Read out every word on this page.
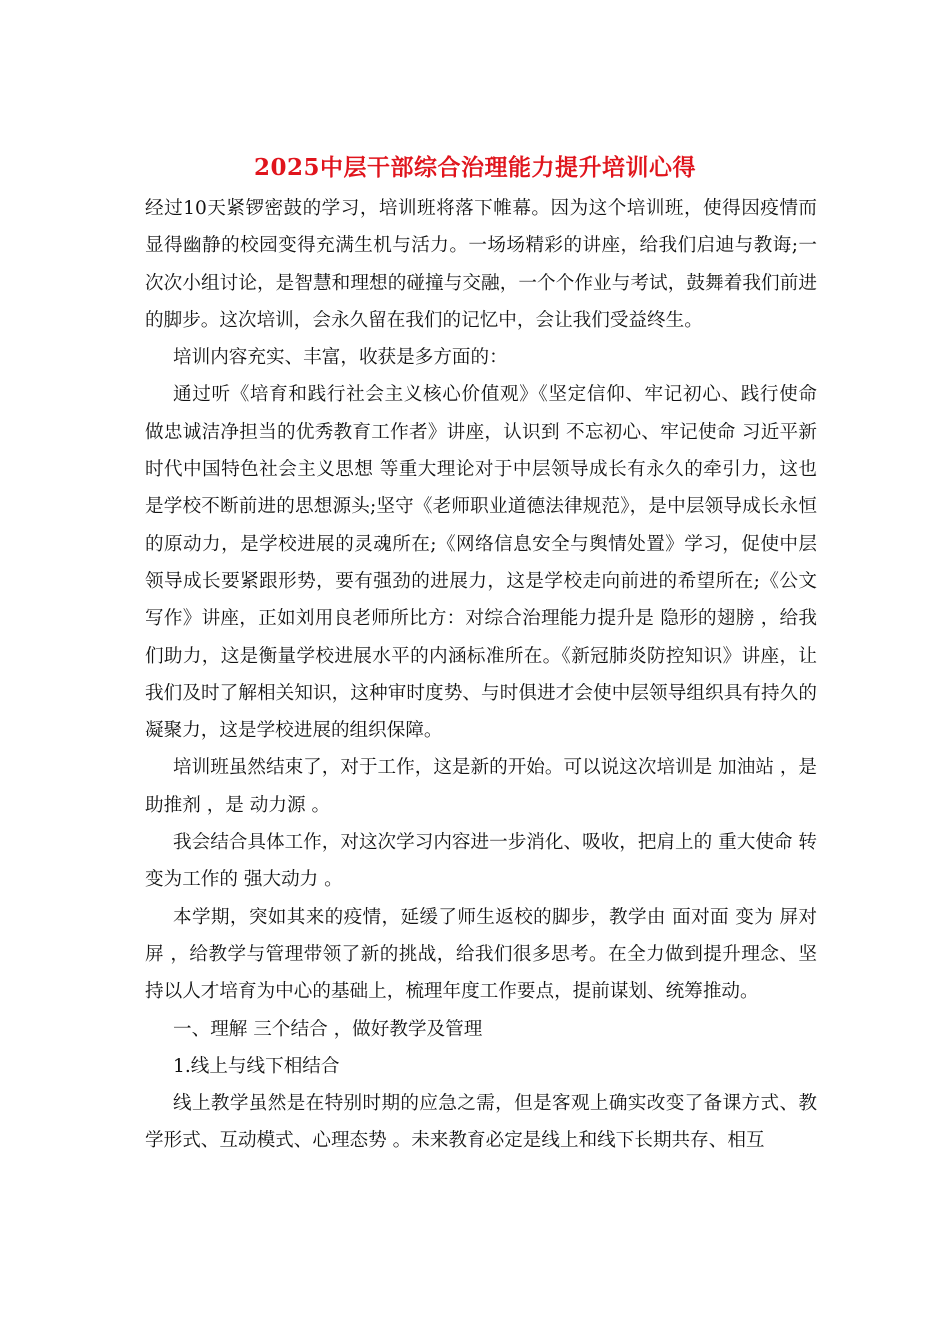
2025中层干部综合治理能力提升培训心得

经过10天紧锣密鼓的学习，培训班将落下帷幕。因为这个培训班，使得因疫情而显得幽静的校园变得充满生机与活力。一场场精彩的讲座，给我们启迪与教诲;一次次小组讨论，是智慧和理想的碰撞与交融，一个个作业与考试，鼓舞着我们前进的脚步。这次培训，会永久留在我们的记忆中，会让我们受益终生。

培训内容充实、丰富，收获是多方面的：

通过听《培育和践行社会主义核心价值观》《坚定信仰、牢记初心、践行使命 做忠诚洁净担当的优秀教育工作者》讲座，认识到 不忘初心、牢记使命 习近平新时代中国特色社会主义思想 等重大理论对于中层领导成长有永久的牵引力，这也是学校不断前进的思想源头;坚守《老师职业道德法律规范》，是中层领导成长永恒的原动力，是学校进展的灵魂所在;《网络信息安全与舆情处置》学习，促使中层领导成长要紧跟形势，要有强劲的进展力，这是学校走向前进的希望所在;《公文写作》讲座，正如刘用良老师所比方：对综合治理能力提升是 隐形的翅膀 ，给我们助力，这是衡量学校进展水平的内涵标准所在。《新冠肺炎防控知识》讲座，让我们及时了解相关知识，这种审时度势、与时俱进才会使中层领导组织具有持久的凝聚力，这是学校进展的组织保障。

培训班虽然结束了，对于工作，这是新的开始。可以说这次培训是 加油站 ，是 助推剂 ，是 动力源 。

我会结合具体工作，对这次学习内容进一步消化、吸收，把肩上的 重大使命 转变为工作的 强大动力 。

本学期，突如其来的疫情，延缓了师生返校的脚步，教学由 面对面 变为 屏对屏 ，给教学与管理带领了新的挑战，给我们很多思考。在全力做到提升理念、坚持以人才培育为中心的基础上，梳理年度工作要点，提前谋划、统筹推动。

一、理解 三个结合 ，做好教学及管理

1.线上与线下相结合

线上教学虽然是在特别时期的应急之需，但是客观上确实改变了备课方式、教学形式、互动模式、心理态势 。未来教育必定是线上和线下长期共存、相互
